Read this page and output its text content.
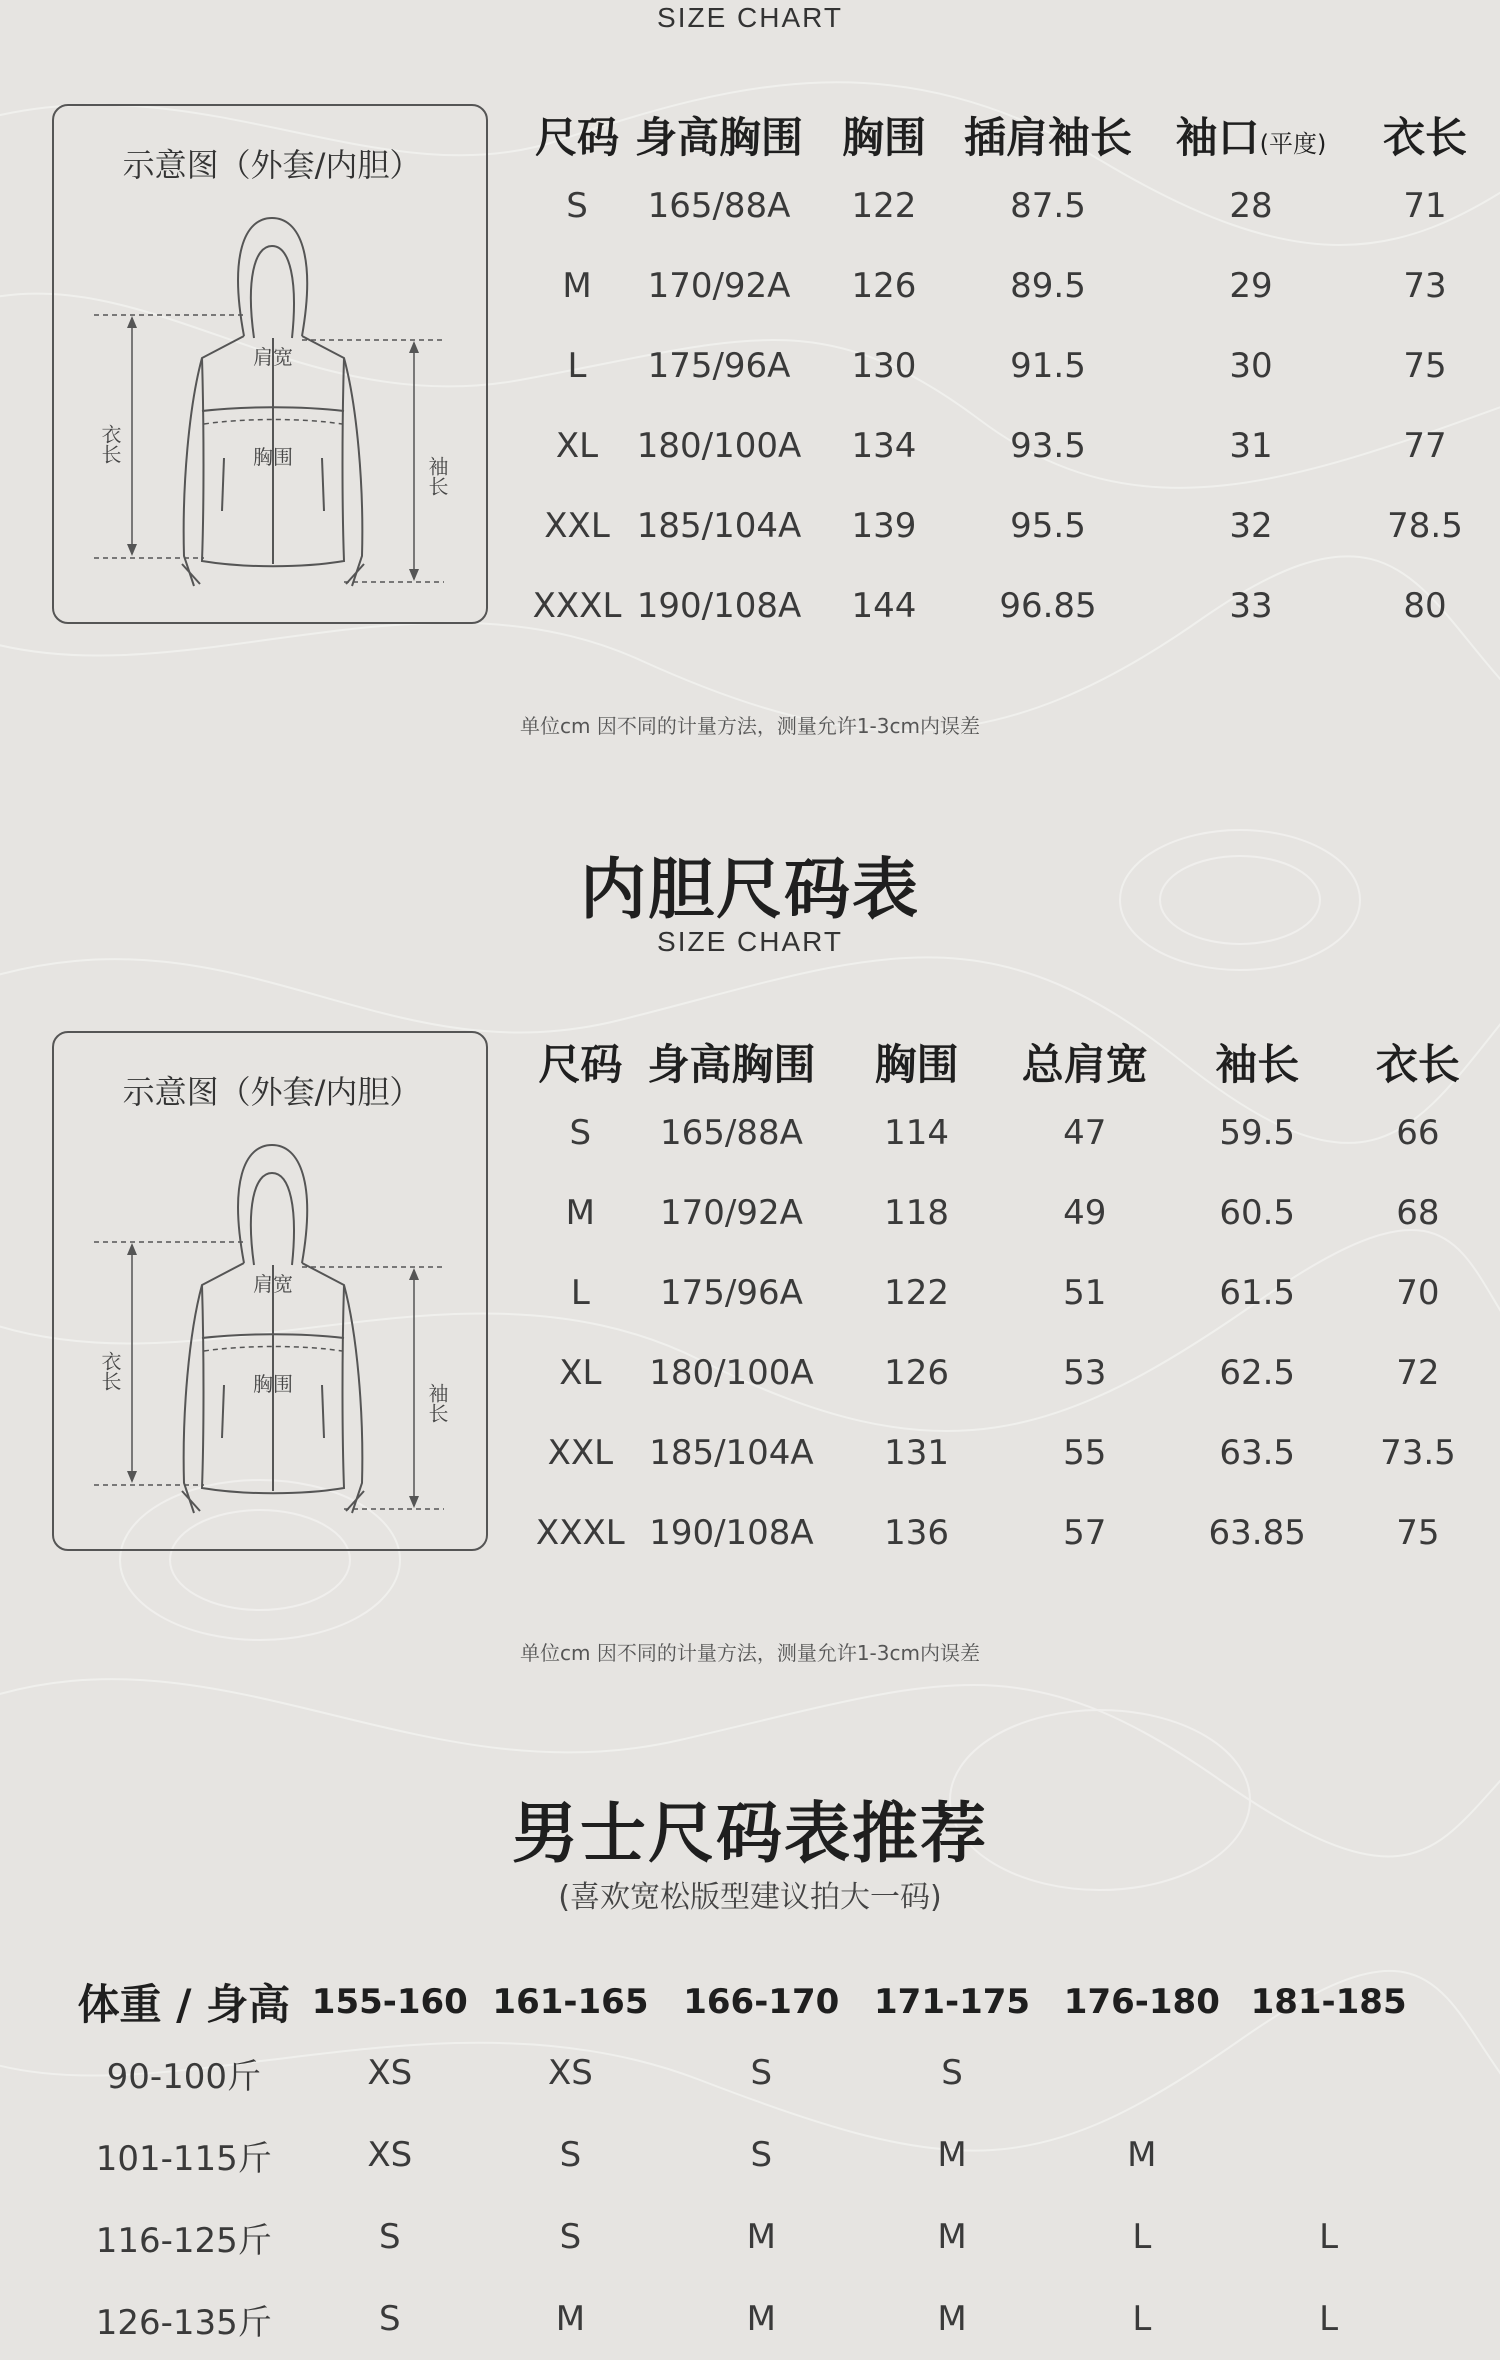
SIZE CHART
示意图（外套/内胆）
肩宽
胸围
衣长
袖长
尺码	身高胸围	胸围	插肩袖长	袖口(平度)	衣长
S	165/88A	122	87.5	28	71
M	170/92A	126	89.5	29	73
L	175/96A	130	91.5	30	75
XL	180/100A	134	93.5	31	77
XXL	185/104A	139	95.5	32	78.5
XXXL	190/108A	144	96.85	33	80
单位cm 因不同的计量方法，测量允许1-3cm内误差
内胆尺码表
SIZE CHART
示意图（外套/内胆）
肩宽
胸围
衣长
袖长
尺码	身高胸围	胸围	总肩宽	袖长	衣长
S	165/88A	114	47	59.5	66
M	170/92A	118	49	60.5	68
L	175/96A	122	51	61.5	70
XL	180/100A	126	53	62.5	72
XXL	185/104A	131	55	63.5	73.5
XXXL	190/108A	136	57	63.85	75
单位cm 因不同的计量方法，测量允许1-3cm内误差
男士尺码表推荐
(喜欢宽松版型建议拍大一码)
体重 / 身高	155-160	161-165	166-170	171-175	176-180	181-185
90-100斤	XS	XS	S	S		
101-115斤	XS	S	S	M	M	
116-125斤	S	S	M	M	L	L
126-135斤	S	M	M	M	L	L
